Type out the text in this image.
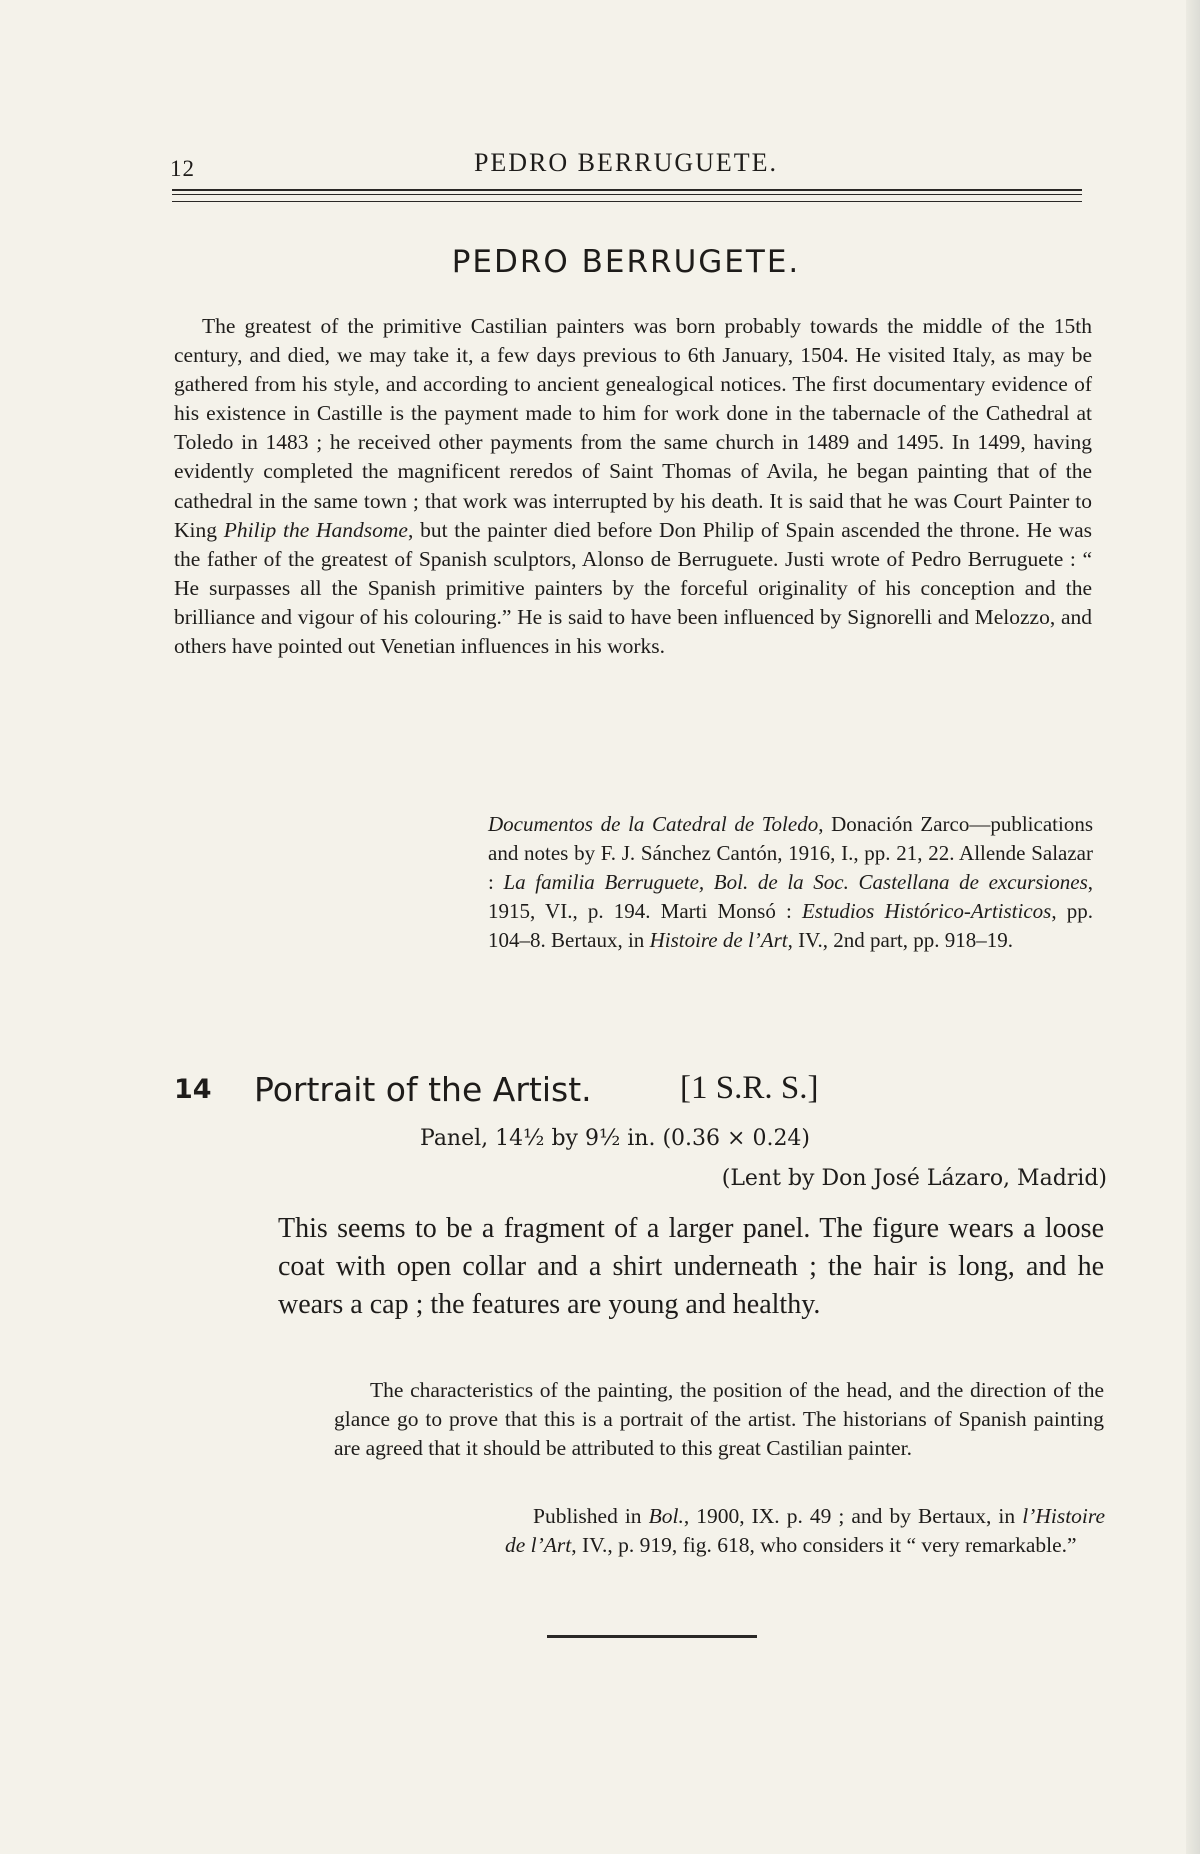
12	PEDRO BERRUGUETE.
PEDRO BERRUGETE.

The greatest of the primitive Castilian painters was born probably towards the middle of the 15th century, and died, we may take it, a few days previous to 6th January, 1504. He visited Italy, as may be gathered from his style, and according to ancient genealogical notices. The first documentary evidence of his existence in Castille is the payment made to him for work done in the tabernacle of the Cathedral at Toledo in 1483 ; he received other payments from the same church in 1489 and 1495. In 1499, having evidently completed the magnificent reredos of Saint Thomas of Avila, he began painting that of the cathedral in the same town ; that work was interrupted by his death. It is said that he was Court Painter to King Philip the Handsome, but the painter died before Don Philip of Spain ascended the throne. He was the father of the greatest of Spanish sculptors, Alonso de Berruguete. Justi wrote of Pedro Berruguete : “ He surpasses all the Spanish primitive painters by the forceful originality of his conception and the brilliance and vigour of his colouring.” He is said to have been influenced by Signorelli and Melozzo, and others have pointed out Venetian influences in his works.

Documentos de la Catedral de Toledo, Donación Zarco—publications and notes by F. J. Sánchez Cantón, 1916, I., pp. 21, 22. Allende Salazar : La familia Berruguete, Bol. de la Soc. Castellana de excursiones, 1915, VI., p. 194. Marti Monsó : Estudios Histórico-Artisticos, pp. 104–8. Bertaux, in Histoire de l’Art, IV., 2nd part, pp. 918–19.

14 Portrait of the Artist.	[1 S.R. S.]
Panel, 14½ by 9½ in. (0.36 × 0.24)
(Lent by Don José Lázaro, Madrid)

This seems to be a fragment of a larger panel. The figure wears a loose coat with open collar and a shirt underneath ; the hair is long, and he wears a cap ; the features are young and healthy.

The characteristics of the painting, the position of the head, and the direction of the glance go to prove that this is a portrait of the artist. The historians of Spanish painting are agreed that it should be attributed to this great Castilian painter.

Published in Bol., 1900, IX. p. 49 ; and by Bertaux, in l’Histoire de l’Art, IV., p. 919, fig. 618, who considers it “ very remarkable.”
